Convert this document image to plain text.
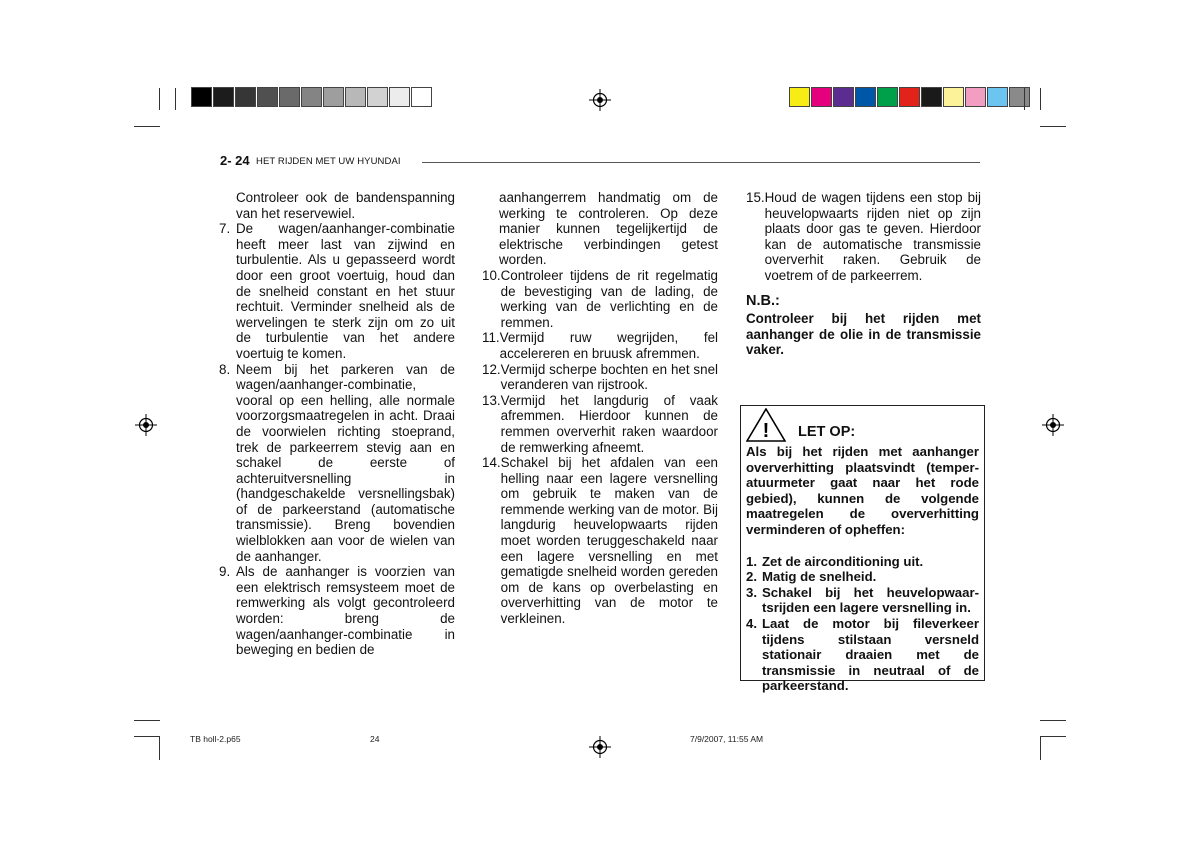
2- 24 HET RIJDEN MET UW HYUNDAI

Controleer ook de bandenspanning van het reservewiel.

7. De wagen/aanhanger-combinatie heeft meer last van zijwind en turbulentie. Als u gepasseerd wordt door een groot voertuig, houd dan de snelheid constant en het stuur rechtuit. Verminder snelheid als de wervelingen te sterk zijn om zo uit de turbulentie van het andere voertuig te komen.
8. Neem bij het parkeren van de wagen/aanhanger-combinatie, vooral op een helling, alle normale voorzorgsmaatregelen in acht. Draai de voorwielen richting stoeprand, trek de parkeerrem stevig aan en schakel de eerste of achteruitversnelling in (handgeschakelde versnellingsbak) of de parkeerstand (automatische transmissie). Breng bovendien wielblokken aan voor de wielen van de aanhanger.
9. Als de aanhanger is voorzien van een elektrisch remsysteem moet de remwerking als volgt gecontroleerd worden: breng de wagen/aanhanger-combinatie in beweging en bedien de

aanhangerrem handmatig om de werking te controleren. Op deze manier kunnen tegelijkertijd de elektrische verbindingen getest worden.

10. Controleer tijdens de rit regelmatig de bevestiging van de lading, de werking van de verlichting en de remmen.
11. Vermijd ruw wegrijden, fel accelereren en bruusk afremmen.
12. Vermijd scherpe bochten en het snel veranderen van rijstrook.
13. Vermijd het langdurig of vaak afremmen. Hierdoor kunnen de remmen oververhit raken waardoor de remwerking afneemt.
14. Schakel bij het afdalen van een helling naar een lagere versnelling om gebruik te maken van de remmende werking van de motor. Bij langdurig heuvelopwaarts rijden moet worden teruggeschakeld naar een lagere versnelling en met gematigde snelheid worden gereden om de kans op overbelasting en oververhitting van de motor te verkleinen.
15. Houd de wagen tijdens een stop bij heuvelopwaarts rijden niet op zijn plaats door gas te geven. Hierdoor kan de automatische transmissie oververhit raken. Gebruik de voetrem of de parkeerrem.
N.B.:
Controleer bij het rijden met aanhanger de olie in de transmissie vaker.
! LET OP:
Als bij het rijden met aanhanger oververhitting plaatsvindt (temper-atuurmeter gaat naar het rode gebied), kunnen de volgende maatregelen de oververhitting verminderen of opheffen:
1. Zet de airconditioning uit.
2. Matig de snelheid.
3. Schakel bij het heuvelopwaar-tsrijden een lagere versnelling in.
4. Laat de motor bij fileverkeer tijdens stilstaan versneld stationair draaien met de transmissie in neutraal of de parkeerstand.
TB holl-2.p65	24	7/9/2007, 11:55 AM
